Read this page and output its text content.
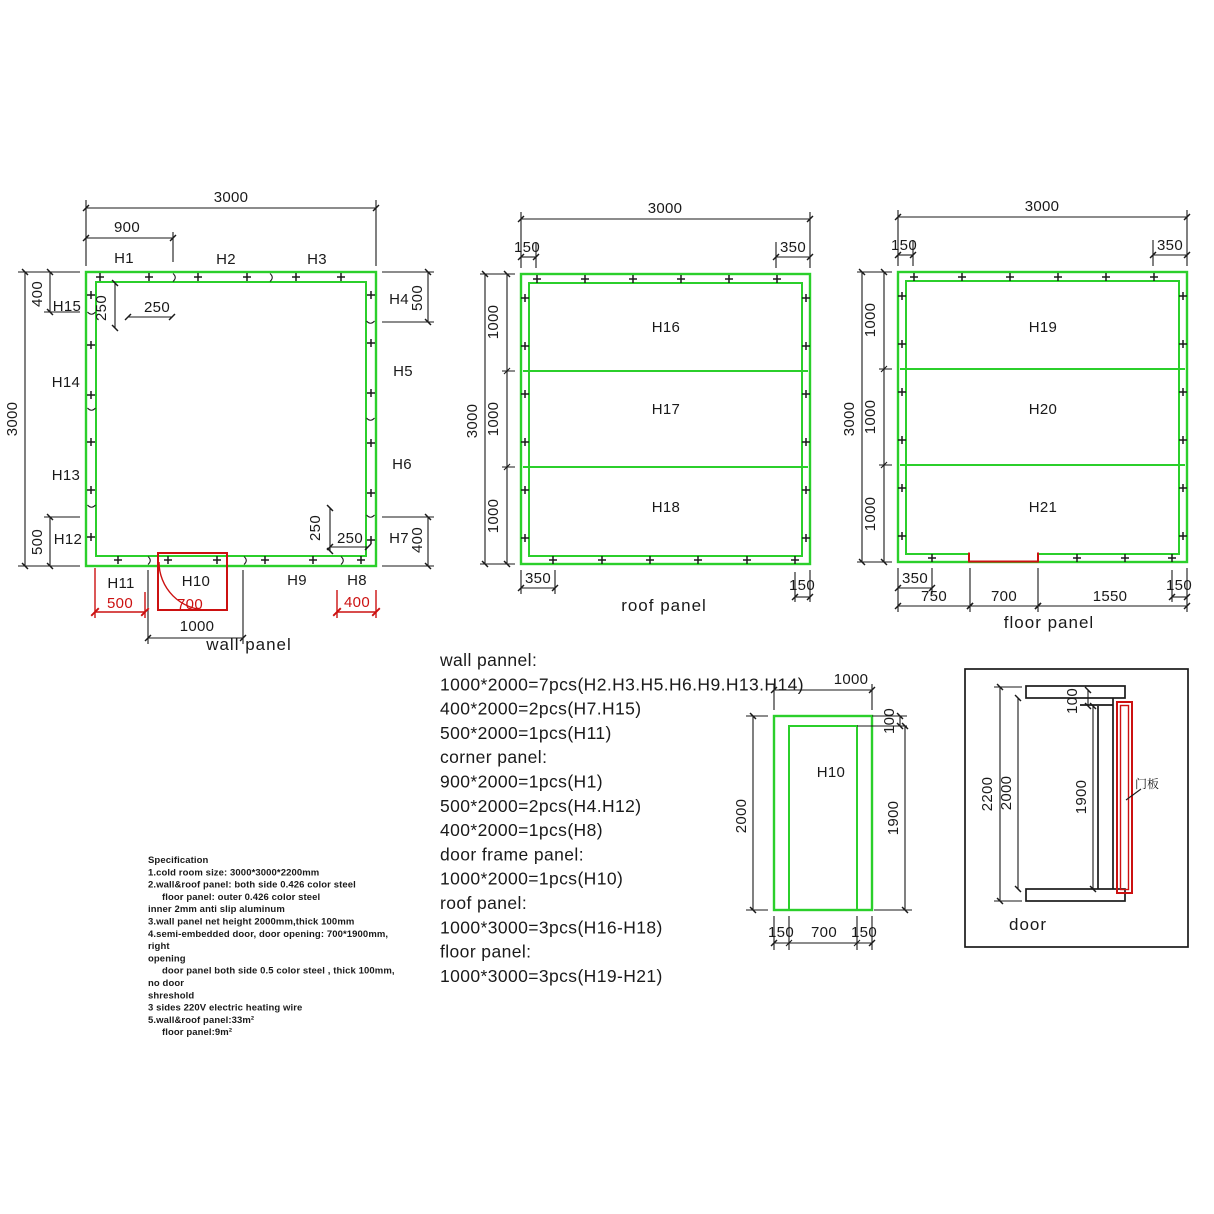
3000
900
H1	H2	H3
3000
400 H15
H14
H13
500 H12
H4 500
H5
H6
H7 400
250 250
250 250
H11
500
H10
700
1000
H9	H8
400
wall panel
3000
150	350
3000
1000
1000
1000
H16
H17
H18
350	150
roof panel
3000
150	350
3000
1000
1000
1000
H19
H20
H21
350	150
750	700	1550
floor panel
H10
1000
100
2000	1900
150 700 150
2200 2000	1900
100
门板
door
wall pannel:
1000*2000=7pcs(H2.H3.H5.H6.H9.H13.H14)
400*2000=2pcs(H7.H15)
500*2000=1pcs(H11)
corner panel:
900*2000=1pcs(H1)
500*2000=2pcs(H4.H12)
400*2000=1pcs(H8)
door frame panel:
1000*2000=1pcs(H10)
roof panel:
1000*3000=3pcs(H16-H18)
floor panel:
1000*3000=3pcs(H19-H21)
Specification
1.cold room size: 3000*3000*2200mm
2.wall&roof panel: both side 0.426 color steel
floor panel: outer 0.426 color steel
inner 2mm anti slip aluminum
3.wall panel net height 2000mm,thick 100mm
4.semi-embedded door, door opening: 700*1900mm,
right
opening
door panel both side 0.5 color steel , thick 100mm,
no door
shreshold
3 sides 220V electric heating wire
5.wall&roof panel:33m²
floor panel:9m²
